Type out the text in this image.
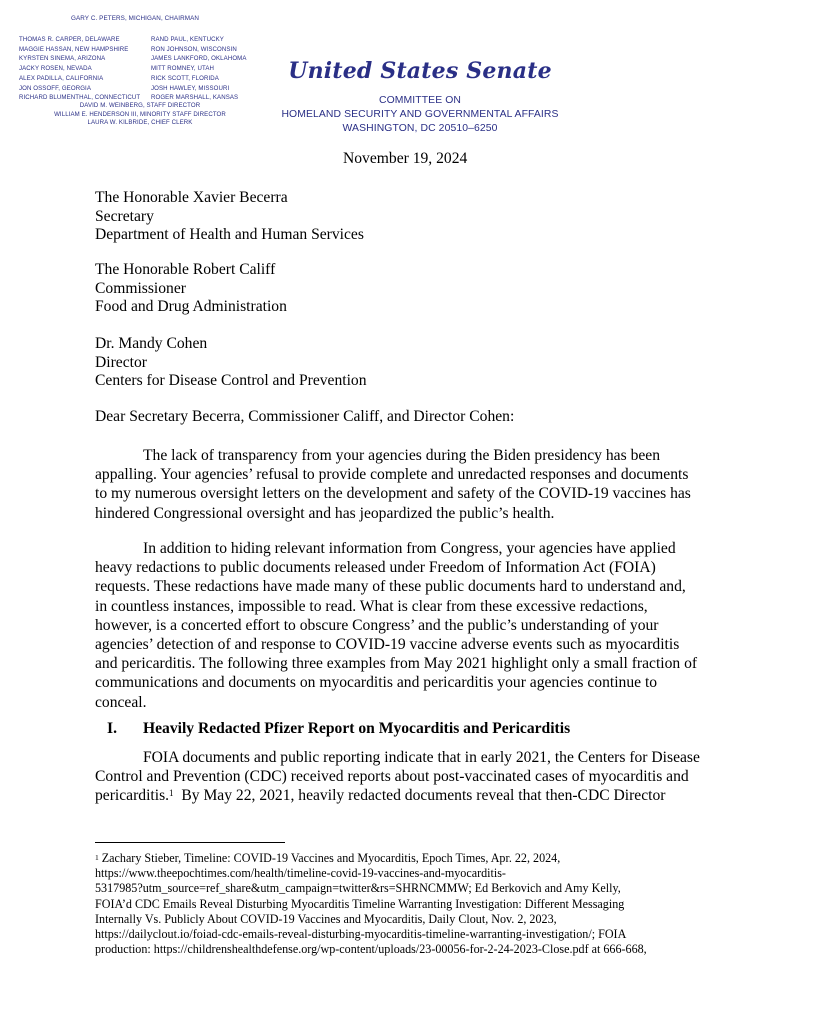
GARY C. PETERS, MICHIGAN, CHAIRMAN
THOMAS R. CARPER, DELAWARE
MAGGIE HASSAN, NEW HAMPSHIRE
KYRSTEN SINEMA, ARIZONA
JACKY ROSEN, NEVADA
ALEX PADILLA, CALIFORNIA
JON OSSOFF, GEORGIA
RICHARD BLUMENTHAL, CONNECTICUT
RAND PAUL, KENTUCKY
RON JOHNSON, WISCONSIN
JAMES LANKFORD, OKLAHOMA
MITT ROMNEY, UTAH
RICK SCOTT, FLORIDA
JOSH HAWLEY, MISSOURI
ROGER MARSHALL, KANSAS
DAVID M. WEINBERG, STAFF DIRECTOR
WILLIAM E. HENDERSON III, MINORITY STAFF DIRECTOR
LAURA W. KILBRIDE, CHIEF CLERK
United States Senate
COMMITTEE ON
HOMELAND SECURITY AND GOVERNMENTAL AFFAIRS
WASHINGTON, DC 20510–6250
November 19, 2024
The Honorable Xavier Becerra
Secretary
Department of Health and Human Services
The Honorable Robert Califf
Commissioner
Food and Drug Administration
Dr. Mandy Cohen
Director
Centers for Disease Control and Prevention
Dear Secretary Becerra, Commissioner Califf, and Director Cohen:
The lack of transparency from your agencies during the Biden presidency has been
appalling. Your agencies’ refusal to provide complete and unredacted responses and documents
to my numerous oversight letters on the development and safety of the COVID-19 vaccines has
hindered Congressional oversight and has jeopardized the public’s health.
In addition to hiding relevant information from Congress, your agencies have applied
heavy redactions to public documents released under Freedom of Information Act (FOIA)
requests. These redactions have made many of these public documents hard to understand and,
in countless instances, impossible to read. What is clear from these excessive redactions,
however, is a concerted effort to obscure Congress’ and the public’s understanding of your
agencies’ detection of and response to COVID-19 vaccine adverse events such as myocarditis
and pericarditis. The following three examples from May 2021 highlight only a small fraction of
communications and documents on myocarditis and pericarditis your agencies continue to
conceal.
I. Heavily Redacted Pfizer Report on Myocarditis and Pericarditis
FOIA documents and public reporting indicate that in early 2021, the Centers for Disease
Control and Prevention (CDC) received reports about post-vaccinated cases of myocarditis and
pericarditis.$^1$  By May 22, 2021, heavily redacted documents reveal that then-CDC Director
$^1$ Zachary Stieber, Timeline: COVID-19 Vaccines and Myocarditis, Epoch Times, Apr. 22, 2024,
https://www.theepochtimes.com/health/timeline-covid-19-vaccines-and-myocarditis-
5317985?utm_source=ref_share&utm_campaign=twitter&rs=SHRNCMMW; Ed Berkovich and Amy Kelly,
FOIA’d CDC Emails Reveal Disturbing Myocarditis Timeline Warranting Investigation: Different Messaging
Internally Vs. Publicly About COVID-19 Vaccines and Myocarditis, Daily Clout, Nov. 2, 2023,
https://dailyclout.io/foiad-cdc-emails-reveal-disturbing-myocarditis-timeline-warranting-investigation/; FOIA
production: https://childrenshealthdefense.org/wp-content/uploads/23-00056-for-2-24-2023-Close.pdf at 666-668,
